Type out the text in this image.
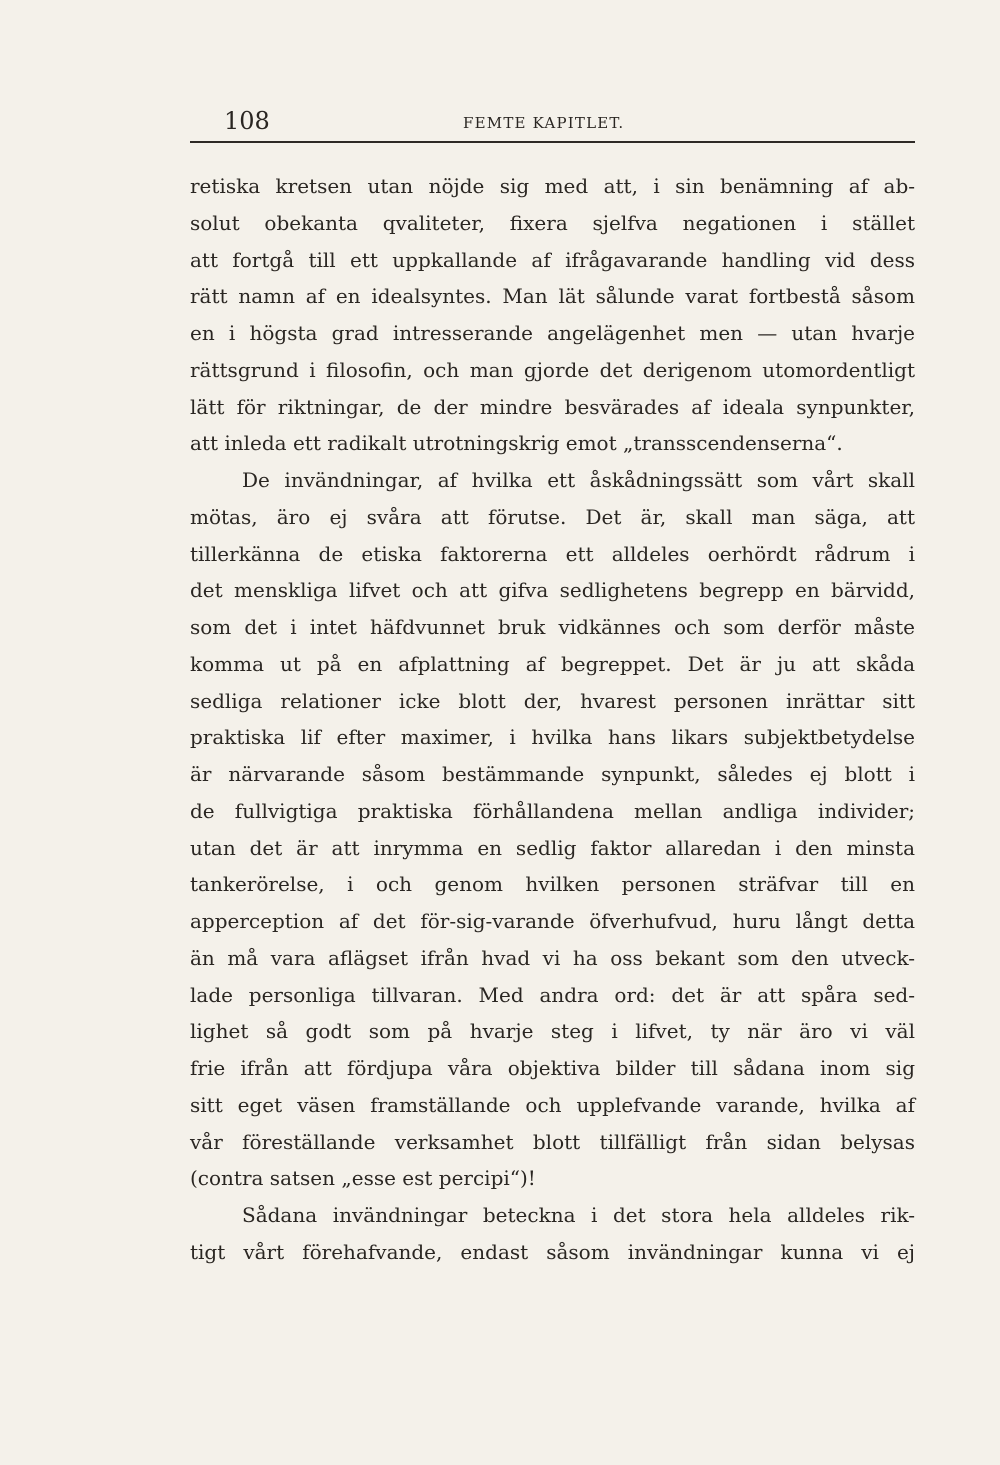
108	FEMTE KAPITLET.
retiska kretsen utan nöjde sig med att, i sin benämning af ab-
solut obekanta qvaliteter, fixera sjelfva negationen i stället
att fortgå till ett uppkallande af ifrågavarande handling vid dess
rätt namn af en idealsyntes. Man lät sålunde varat fortbestå såsom
en i högsta grad intresserande angelägenhet men — utan hvarje
rättsgrund i filosofin, och man gjorde det derigenom utomordentligt
lätt för riktningar, de der mindre besvärades af ideala synpunkter,
att inleda ett radikalt utrotningskrig emot „transscendenserna“.
De invändningar, af hvilka ett åskådningssätt som vårt skall
mötas, äro ej svåra att förutse. Det är, skall man säga, att
tillerkänna de etiska faktorerna ett alldeles oerhördt rådrum i
det menskliga lifvet och att gifva sedlighetens begrepp en bärvidd,
som det i intet häfdvunnet bruk vidkännes och som derför måste
komma ut på en afplattning af begreppet. Det är ju att skåda
sedliga relationer icke blott der, hvarest personen inrättar sitt
praktiska lif efter maximer, i hvilka hans likars subjektbetydelse
är närvarande såsom bestämmande synpunkt, således ej blott i
de fullvigtiga praktiska förhållandena mellan andliga individer;
utan det är att inrymma en sedlig faktor allaredan i den minsta
tankerörelse, i och genom hvilken personen sträfvar till en
apperception af det för-sig-varande öfverhufvud, huru långt detta
än må vara aflägset ifrån hvad vi ha oss bekant som den utveck-
lade personliga tillvaran. Med andra ord: det är att spåra sed-
lighet så godt som på hvarje steg i lifvet, ty när äro vi väl
frie ifrån att fördjupa våra objektiva bilder till sådana inom sig
sitt eget väsen framställande och upplefvande varande, hvilka af
vår föreställande verksamhet blott tillfälligt från sidan belysas
(contra satsen „esse est percipi“)!
Sådana invändningar beteckna i det stora hela alldeles rik-
tigt vårt förehafvande, endast såsom invändningar kunna vi ej
